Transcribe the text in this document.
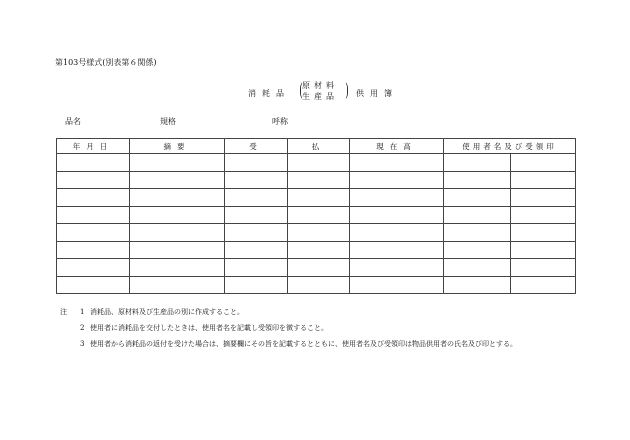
第103号様式(別表第６関係)
消耗品 (
原材料
生産品 ) 供用簿
品名	規格	呼称
年月日	摘要	受	払	現在高	使用者名及び受領印	

注 1 消耗品、原材料及び生産品の別に作成すること。
2 使用者に消耗品を交付したときは、使用者名を記載し受領印を徴すること。
3 使用者から消耗品の返付を受けた場合は、摘要欄にその旨を記載するとともに、使用者名及び受領印は物品供用者の氏名及び印とする。
